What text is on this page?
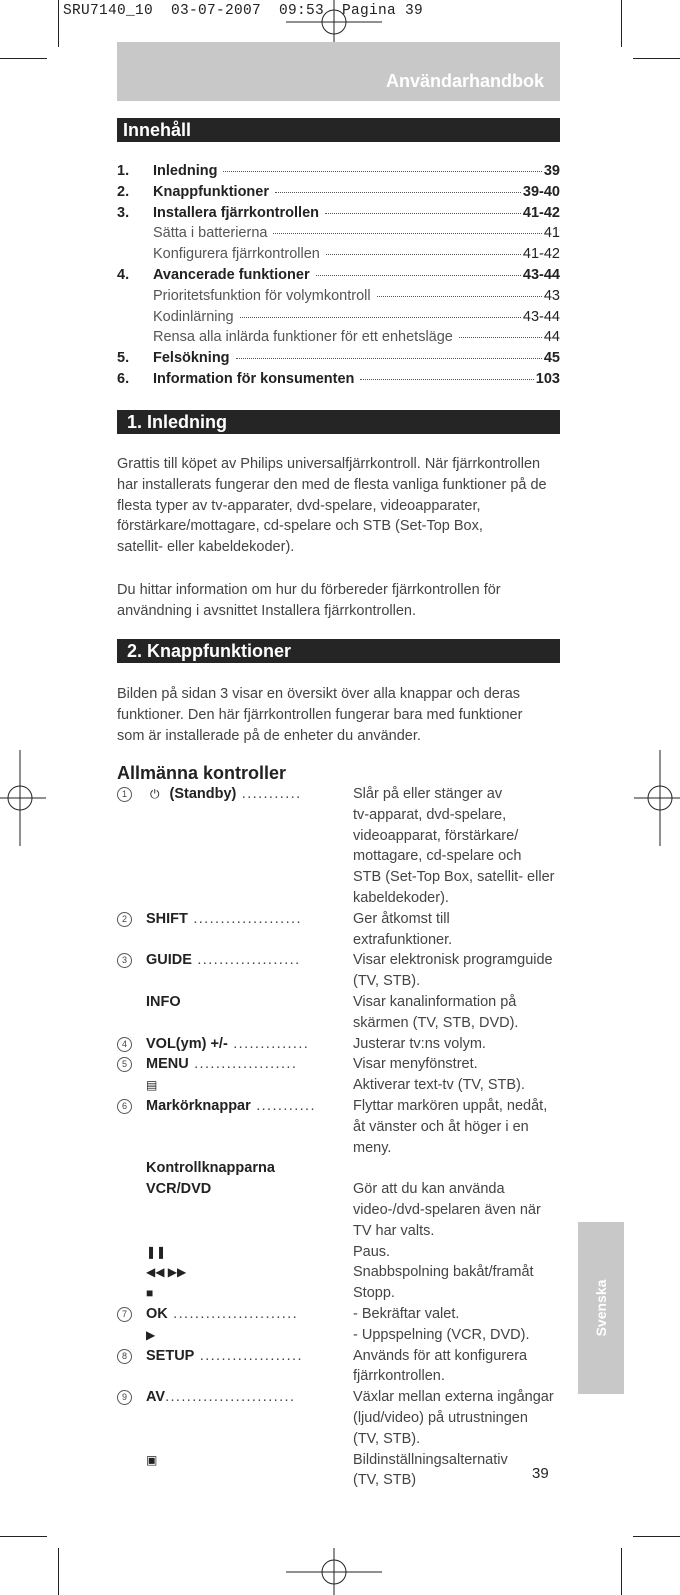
SRU7140_10  03-07-2007  09:53  Pagina 39
Användarhandbok
Innehåll
1.	Inledning	39
2.	Knappfunktioner	39-40
3.	Installera fjärrkontrollen	41-42
Sätta i batterierna	41
Konfigurera fjärrkontrollen	41-42
4.	Avancerade funktioner	43-44
Prioritetsfunktion för volymkontroll	43
Kodinlärning	43-44
Rensa alla inlärda funktioner för ett enhetsläge	44
5.	Felsökning	45
6.	Information för konsumenten	103
1. Inledning
Grattis till köpet av Philips universalfjärrkontroll. När fjärrkontrollen
har installerats fungerar den med de flesta vanliga funktioner på de
flesta typer av tv-apparater, dvd-spelare, videoapparater,
förstärkare/mottagare, cd-spelare och STB (Set-Top Box,
satellit- eller kabeldekoder).
Du hittar information om hur du förbereder fjärrkontrollen för
användning i avsnittet Installera fjärrkontrollen.
2. Knappfunktioner
Bilden på sidan 3 visar en översikt över alla knappar och deras
funktioner. Den här fjärrkontrollen fungerar bara med funktioner
som är installerade på de enheter du använder.
Allmänna kontroller
1	⏻ (Standby) ...........	Slår på eller stänger av
tv-apparat, dvd-spelare,
videoapparat, förstärkare/
mottagare, cd-spelare och
STB (Set-Top Box, satellit- eller
kabeldekoder).
2	SHIFT ....................	Ger åtkomst till
extrafunktioner.
3	GUIDE ...................	Visar elektronisk programguide
(TV, STB).
INFO	Visar kanalinformation på
skärmen (TV, STB, DVD).
4	VOL(ym) +/- ..............	Justerar tv:ns volym.
5	MENU ...................	Visar menyfönstret.
▤	Aktiverar text-tv (TV, STB).
6	Markörknappar ...........	Flyttar markören uppåt, nedåt,
åt vänster och åt höger i en
meny.
Kontrollknapparna
VCR/DVD	Gör att du kan använda
video-/dvd-spelaren även när
TV har valts.
❚❚	Paus.
◀◀ ▶▶	Snabbspolning bakåt/framåt
■	Stopp.
7	OK .......................	- Bekräftar valet.
▶	- Uppspelning (VCR, DVD).
8	SETUP ...................	Används för att konfigurera
fjärrkontrollen.
9	AV........................	Växlar mellan externa ingångar
(ljud/video) på utrustningen
(TV, STB).
▣	Bildinställningsalternativ
(TV, STB)
Svenska
39
